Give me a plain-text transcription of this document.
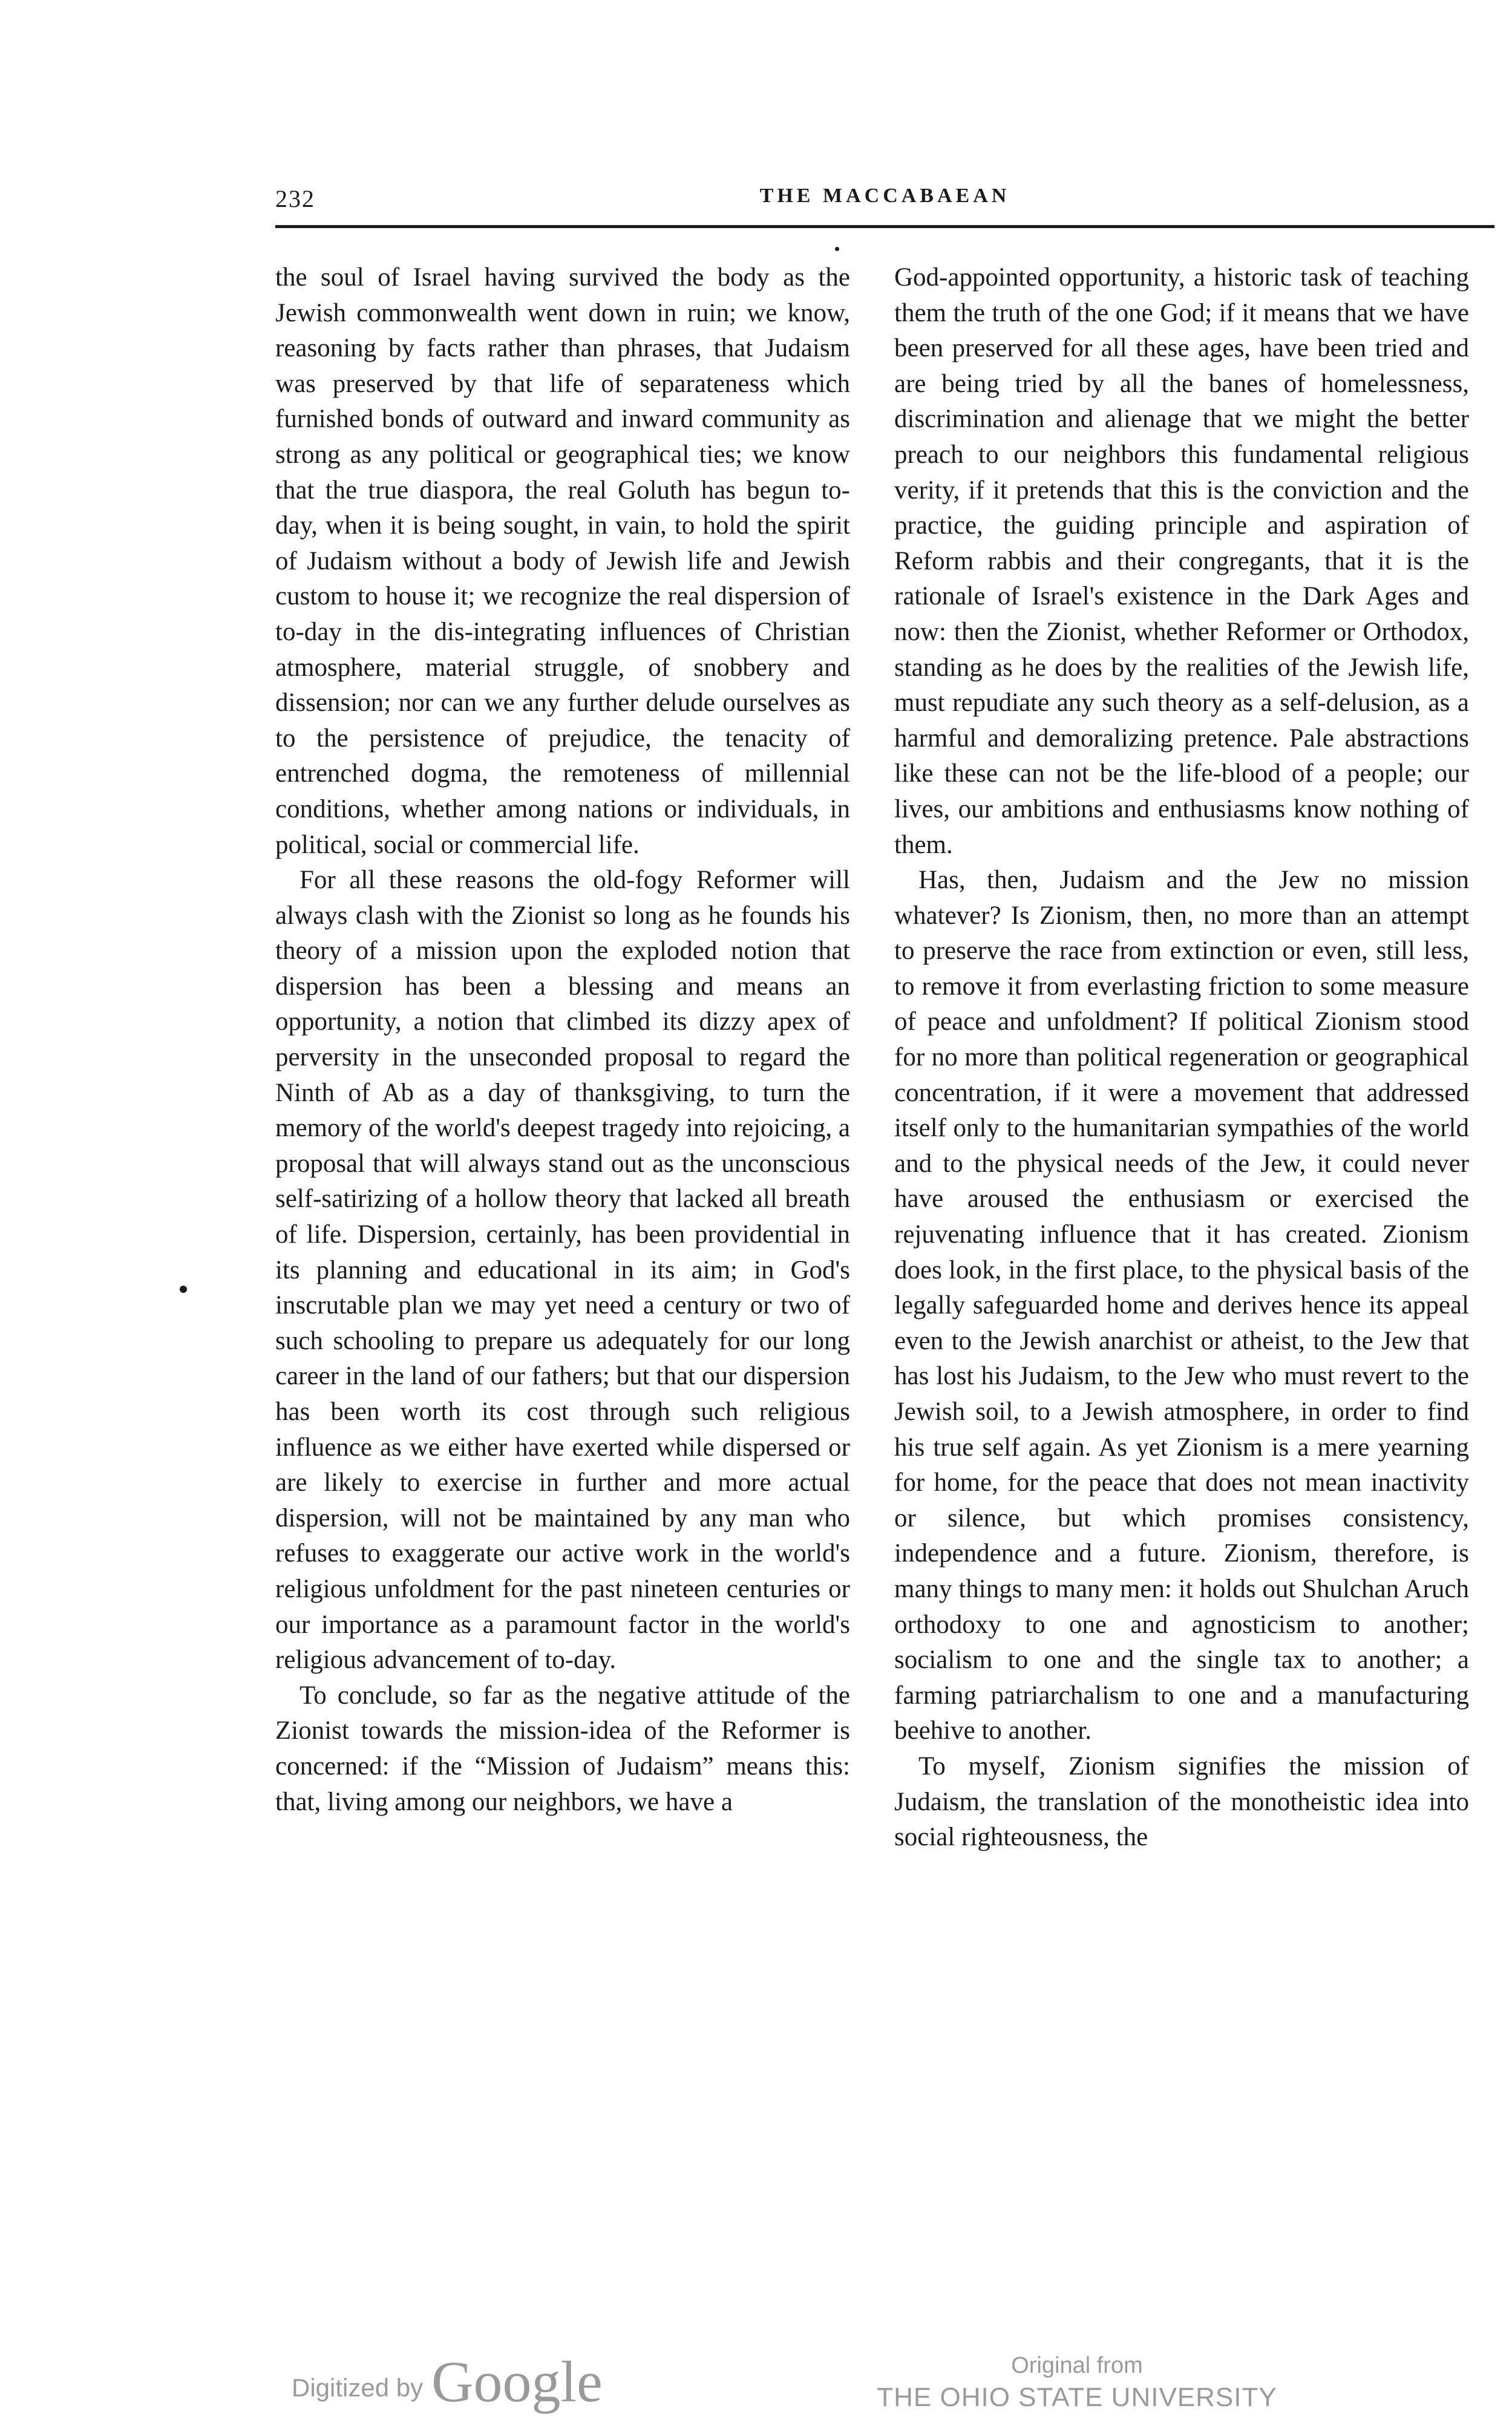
232	THE MACCABAEAN

the soul of Israel having survived the body as the Jewish commonwealth went down in ruin; we know, reasoning by facts rather than phrases, that Judaism was preserved by that life of separateness which furnished bonds of outward and inward community as strong as any political or geographical ties; we know that the true diaspora, the real Goluth has begun to-day, when it is being sought, in vain, to hold the spirit of Judaism without a body of Jewish life and Jewish custom to house it; we recognize the real dispersion of to-day in the dis-integrating influences of Christian atmosphere, material struggle, of snobbery and dissension; nor can we any further delude ourselves as to the persistence of prejudice, the tenacity of entrenched dogma, the remoteness of millennial conditions, whether among nations or individuals, in political, social or commercial life.

For all these reasons the old-fogy Reformer will always clash with the Zionist so long as he founds his theory of a mission upon the exploded notion that dispersion has been a blessing and means an opportunity, a notion that climbed its dizzy apex of perversity in the unseconded proposal to regard the Ninth of Ab as a day of thanksgiving, to turn the memory of the world's deepest tragedy into rejoicing, a proposal that will always stand out as the unconscious self-satirizing of a hollow theory that lacked all breath of life. Dispersion, certainly, has been providential in its planning and educational in its aim; in God's inscrutable plan we may yet need a century or two of such schooling to prepare us adequately for our long career in the land of our fathers; but that our dispersion has been worth its cost through such religious influence as we either have exerted while dispersed or are likely to exercise in further and more actual dispersion, will not be maintained by any man who refuses to exaggerate our active work in the world's religious unfoldment for the past nineteen centuries or our importance as a paramount factor in the world's religious advancement of to-day.

To conclude, so far as the negative attitude of the Zionist towards the mission-idea of the Reformer is concerned: if the “Mission of Judaism” means this: that, living among our neighbors, we have a

God-appointed opportunity, a historic task of teaching them the truth of the one God; if it means that we have been preserved for all these ages, have been tried and are being tried by all the banes of homelessness, discrimination and alienage that we might the better preach to our neighbors this fundamental religious verity, if it pretends that this is the conviction and the practice, the guiding principle and aspiration of Reform rabbis and their congregants, that it is the rationale of Israel's existence in the Dark Ages and now: then the Zionist, whether Reformer or Orthodox, standing as he does by the realities of the Jewish life, must repudiate any such theory as a self-delusion, as a harmful and demoralizing pretence. Pale abstractions like these can not be the life-blood of a people; our lives, our ambitions and enthusiasms know nothing of them.

Has, then, Judaism and the Jew no mission whatever? Is Zionism, then, no more than an attempt to preserve the race from extinction or even, still less, to remove it from everlasting friction to some measure of peace and unfoldment? If political Zionism stood for no more than political regeneration or geographical concentration, if it were a movement that addressed itself only to the humanitarian sympathies of the world and to the physical needs of the Jew, it could never have aroused the enthusiasm or exercised the rejuvenating influence that it has created. Zionism does look, in the first place, to the physical basis of the legally safeguarded home and derives hence its appeal even to the Jewish anarchist or atheist, to the Jew that has lost his Judaism, to the Jew who must revert to the Jewish soil, to a Jewish atmosphere, in order to find his true self again. As yet Zionism is a mere yearning for home, for the peace that does not mean inactivity or silence, but which promises consistency, independence and a future. Zionism, therefore, is many things to many men: it holds out Shulchan Aruch orthodoxy to one and agnosticism to another; socialism to one and the single tax to another; a farming patriarchalism to one and a manufacturing beehive to another.

To myself, Zionism signifies the mission of Judaism, the translation of the monotheistic idea into social righteousness, the

Digitized by Google	Original from
THE OHIO STATE UNIVERSITY
